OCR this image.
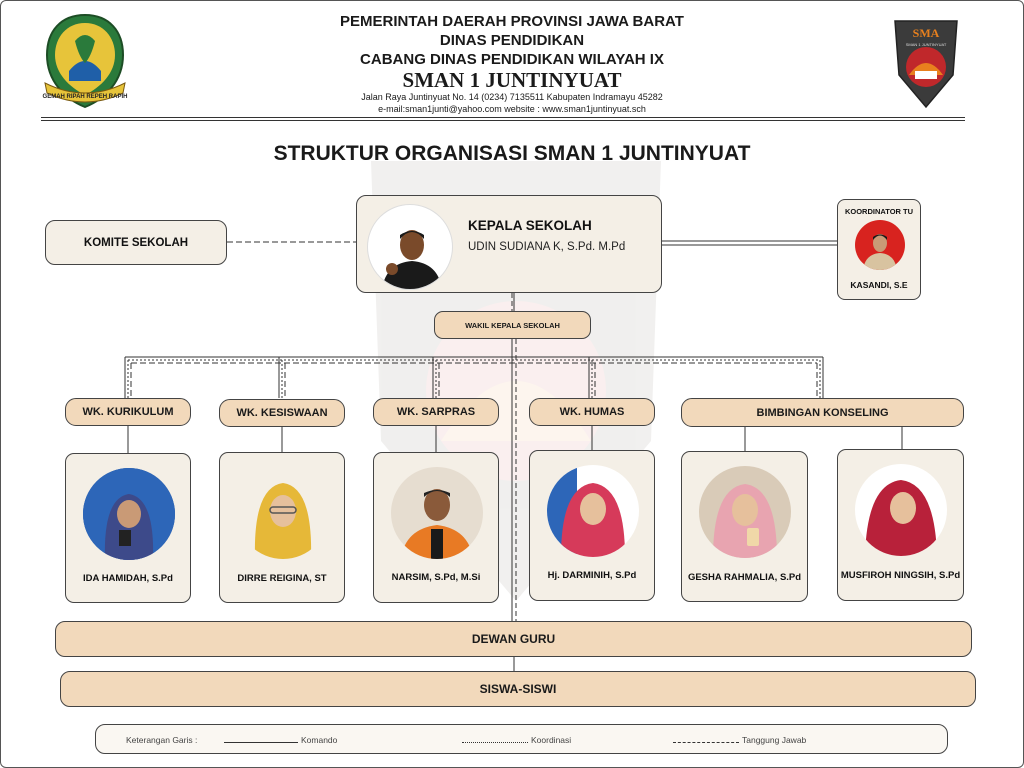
GEMAH RIPAH REPEH RAPIH
SMA
SMAN 1 JUNTINYUAT
PEMERINTAH DAERAH PROVINSI JAWA BARAT
DINAS PENDIDIKAN
CABANG DINAS PENDIDIKAN WILAYAH IX
SMAN 1 JUNTINYUAT
Jalan Raya Juntinyuat No. 14 (0234) 7135511 Kabupaten Indramayu 45282
e-mail:sman1junti@yahoo.com website : www.sman1juntinyuat.sch
STRUKTUR ORGANISASI SMAN 1 JUNTINYUAT
KOMITE SEKOLAH
KEPALA SEKOLAH
UDIN SUDIANA K, S.Pd. M.Pd
KOORDINATOR TU
KASANDI, S.E
WAKIL KEPALA SEKOLAH
WK. KURIKULUM	WK. KESISWAAN	WK. SARPRAS	WK. HUMAS	BIMBINGAN KONSELING
IDA HAMIDAH, S.Pd	DIRRE REIGINA, ST	NARSIM, S.Pd, M.Si	Hj. DARMINIH, S.Pd	GESHA RAHMALIA, S.Pd	MUSFIROH NINGSIH, S.Pd
DEWAN GURU
SISWA-SISWI
Keterangan Garis :	Komando	Koordinasi	Tanggung Jawab
